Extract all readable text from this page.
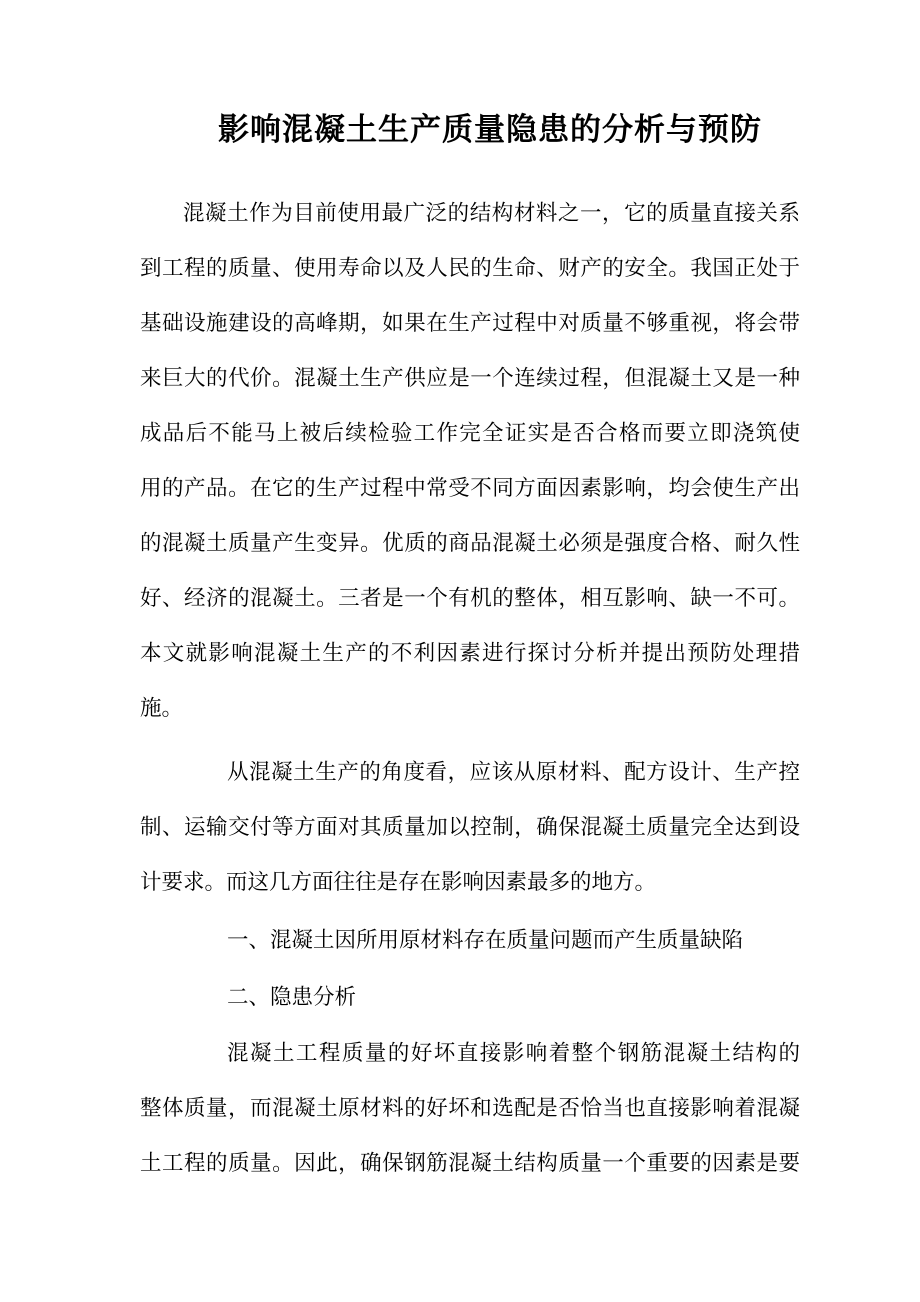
影响混凝土生产质量隐患的分析与预防
混凝土作为目前使用最广泛的结构材料之一，它的质量直接关系
到工程的质量、使用寿命以及人民的生命、财产的安全。我国正处于
基础设施建设的高峰期，如果在生产过程中对质量不够重视，将会带
来巨大的代价。混凝土生产供应是一个连续过程，但混凝土又是一种
成品后不能马上被后续检验工作完全证实是否合格而要立即浇筑使
用的产品。在它的生产过程中常受不同方面因素影响，均会使生产出
的混凝土质量产生变异。优质的商品混凝土必须是强度合格、耐久性
好、经济的混凝土。三者是一个有机的整体，相互影响、缺一不可。
本文就影响混凝土生产的不利因素进行探讨分析并提出预防处理措
施。
从混凝土生产的角度看，应该从原材料、配方设计、生产控
制、运输交付等方面对其质量加以控制，确保混凝土质量完全达到设
计要求。而这几方面往往是存在影响因素最多的地方。
一、混凝土因所用原材料存在质量问题而产生质量缺陷
二、隐患分析
混凝土工程质量的好坏直接影响着整个钢筋混凝土结构的
整体质量，而混凝土原材料的好坏和选配是否恰当也直接影响着混凝
土工程的质量。因此，确保钢筋混凝土结构质量一个重要的因素是要
